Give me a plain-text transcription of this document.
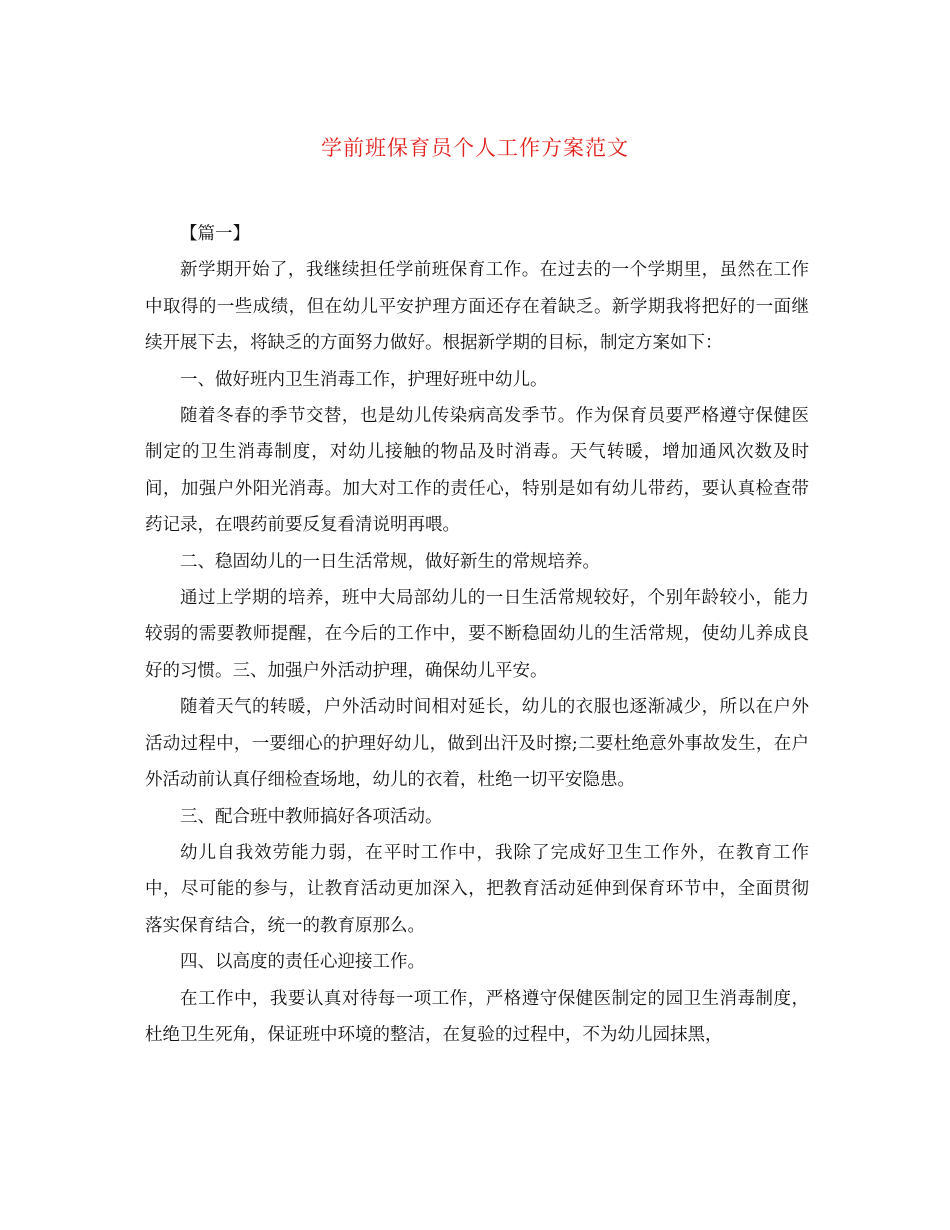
学前班保育员个人工作方案范文

【篇一】

新学期开始了，我继续担任学前班保育工作。在过去的一个学期里，虽然在工作中取得的一些成绩，但在幼儿平安护理方面还存在着缺乏。新学期我将把好的一面继续开展下去，将缺乏的方面努力做好。根据新学期的目标，制定方案如下：

一、做好班内卫生消毒工作，护理好班中幼儿。

随着冬春的季节交替，也是幼儿传染病高发季节。作为保育员要严格遵守保健医制定的卫生消毒制度，对幼儿接触的物品及时消毒。天气转暖，增加通风次数及时间，加强户外阳光消毒。加大对工作的责任心，特别是如有幼儿带药，要认真检查带药记录，在喂药前要反复看清说明再喂。

二、稳固幼儿的一日生活常规，做好新生的常规培养。

通过上学期的培养，班中大局部幼儿的一日生活常规较好，个别年龄较小，能力较弱的需要教师提醒，在今后的工作中，要不断稳固幼儿的生活常规，使幼儿养成良好的习惯。三、加强户外活动护理，确保幼儿平安。

随着天气的转暖，户外活动时间相对延长，幼儿的衣服也逐渐减少，所以在户外活动过程中，一要细心的护理好幼儿，做到出汗及时擦;二要杜绝意外事故发生，在户外活动前认真仔细检查场地，幼儿的衣着，杜绝一切平安隐患。

三、配合班中教师搞好各项活动。

幼儿自我效劳能力弱，在平时工作中，我除了完成好卫生工作外，在教育工作中，尽可能的参与，让教育活动更加深入，把教育活动延伸到保育环节中，全面贯彻落实保育结合，统一的教育原那么。

四、以高度的责任心迎接工作。

在工作中，我要认真对待每一项工作，严格遵守保健医制定的园卫生消毒制度，杜绝卫生死角，保证班中环境的整洁，在复验的过程中，不为幼儿园抹黑，
